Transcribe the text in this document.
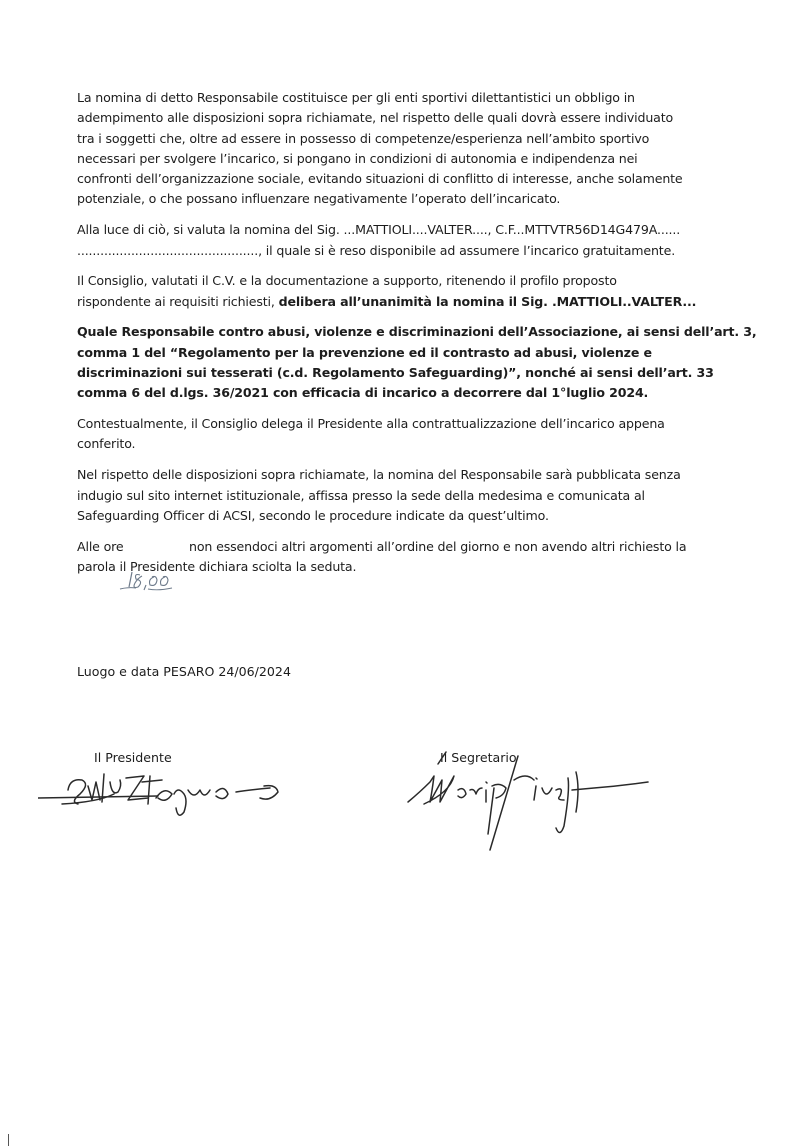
La nomina di detto Responsabile costituisce per gli enti sportivi dilettantistici un obbligo in
adempimento alle disposizioni sopra richiamate, nel rispetto delle quali dovrà essere individuato
tra i soggetti che, oltre ad essere in possesso di competenze/esperienza nell’ambito sportivo
necessari per svolgere l’incarico, si pongano in condizioni di autonomia e indipendenza nei
confronti dell’organizzazione sociale, evitando situazioni di conflitto di interesse, anche solamente
potenziale, o che possano influenzare negativamente l’operato dell’incaricato.

Alla luce di ciò, si valuta la nomina del Sig. ...MATTIOLI....VALTER...., C.F...MTTVTR56D14G479A......
..............................................., il quale si è reso disponibile ad assumere l’incarico gratuitamente.

Il Consiglio, valutati il C.V. e la documentazione a supporto, ritenendo il profilo proposto
rispondente ai requisiti richiesti, delibera all’unanimità la nomina il Sig. .MATTIOLI..VALTER...

Quale Responsabile contro abusi, violenze e discriminazioni dell’Associazione, ai sensi dell’art. 3,
comma 1 del “Regolamento per la prevenzione ed il contrasto ad abusi, violenze e
discriminazioni sui tesserati (c.d. Regolamento Safeguarding)”, nonché ai sensi dell’art. 33
comma 6 del d.lgs. 36/2021 con efficacia di incarico a decorrere dal 1°luglio 2024.

Contestualmente, il Consiglio delega il Presidente alla contrattualizzazione dell’incarico appena
conferito.

Nel rispetto delle disposizioni sopra richiamate, la nomina del Responsabile sarà pubblicata senza
indugio sul sito internet istituzionale, affissa presso la sede della medesima e comunicata al
Safeguarding Officer di ACSI, secondo le procedure indicate da quest’ultimo.

Alle ore	non essendoci altri argomenti all’ordine del giorno e non avendo altri richiesto la
parola il Presidente dichiara sciolta la seduta.

Luogo e data PESARO 24/06/2024
Il Presidente	Il Segretario
